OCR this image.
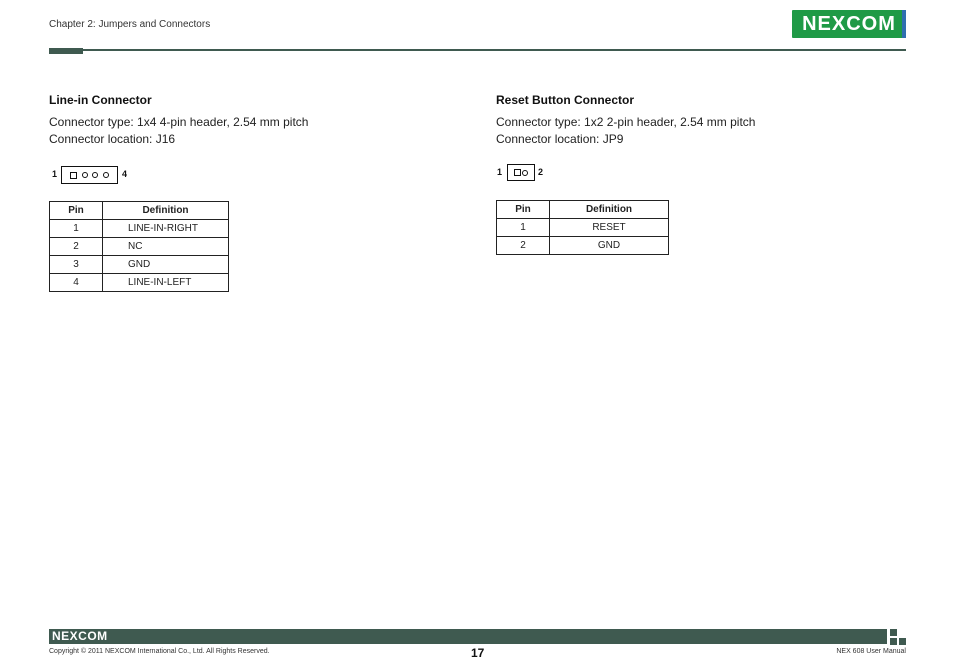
Chapter 2: Jumpers and Connectors	NEXCOM
Line-in Connector
Connector type: 1x4 4-pin header, 2.54 mm pitch
Connector location: J16
1	4
Pin	Definition
1	LINE-IN-RIGHT
2	NC
3	GND
4	LINE-IN-LEFT
Reset Button Connector
Connector type: 1x2 2-pin header, 2.54 mm pitch
Connector location: JP9
1	2
Pin	Definition
1	RESET
2	GND
NEXCOM
Copyright © 2011 NEXCOM International Co., Ltd. All Rights Reserved.	17	NEX 608 User Manual
